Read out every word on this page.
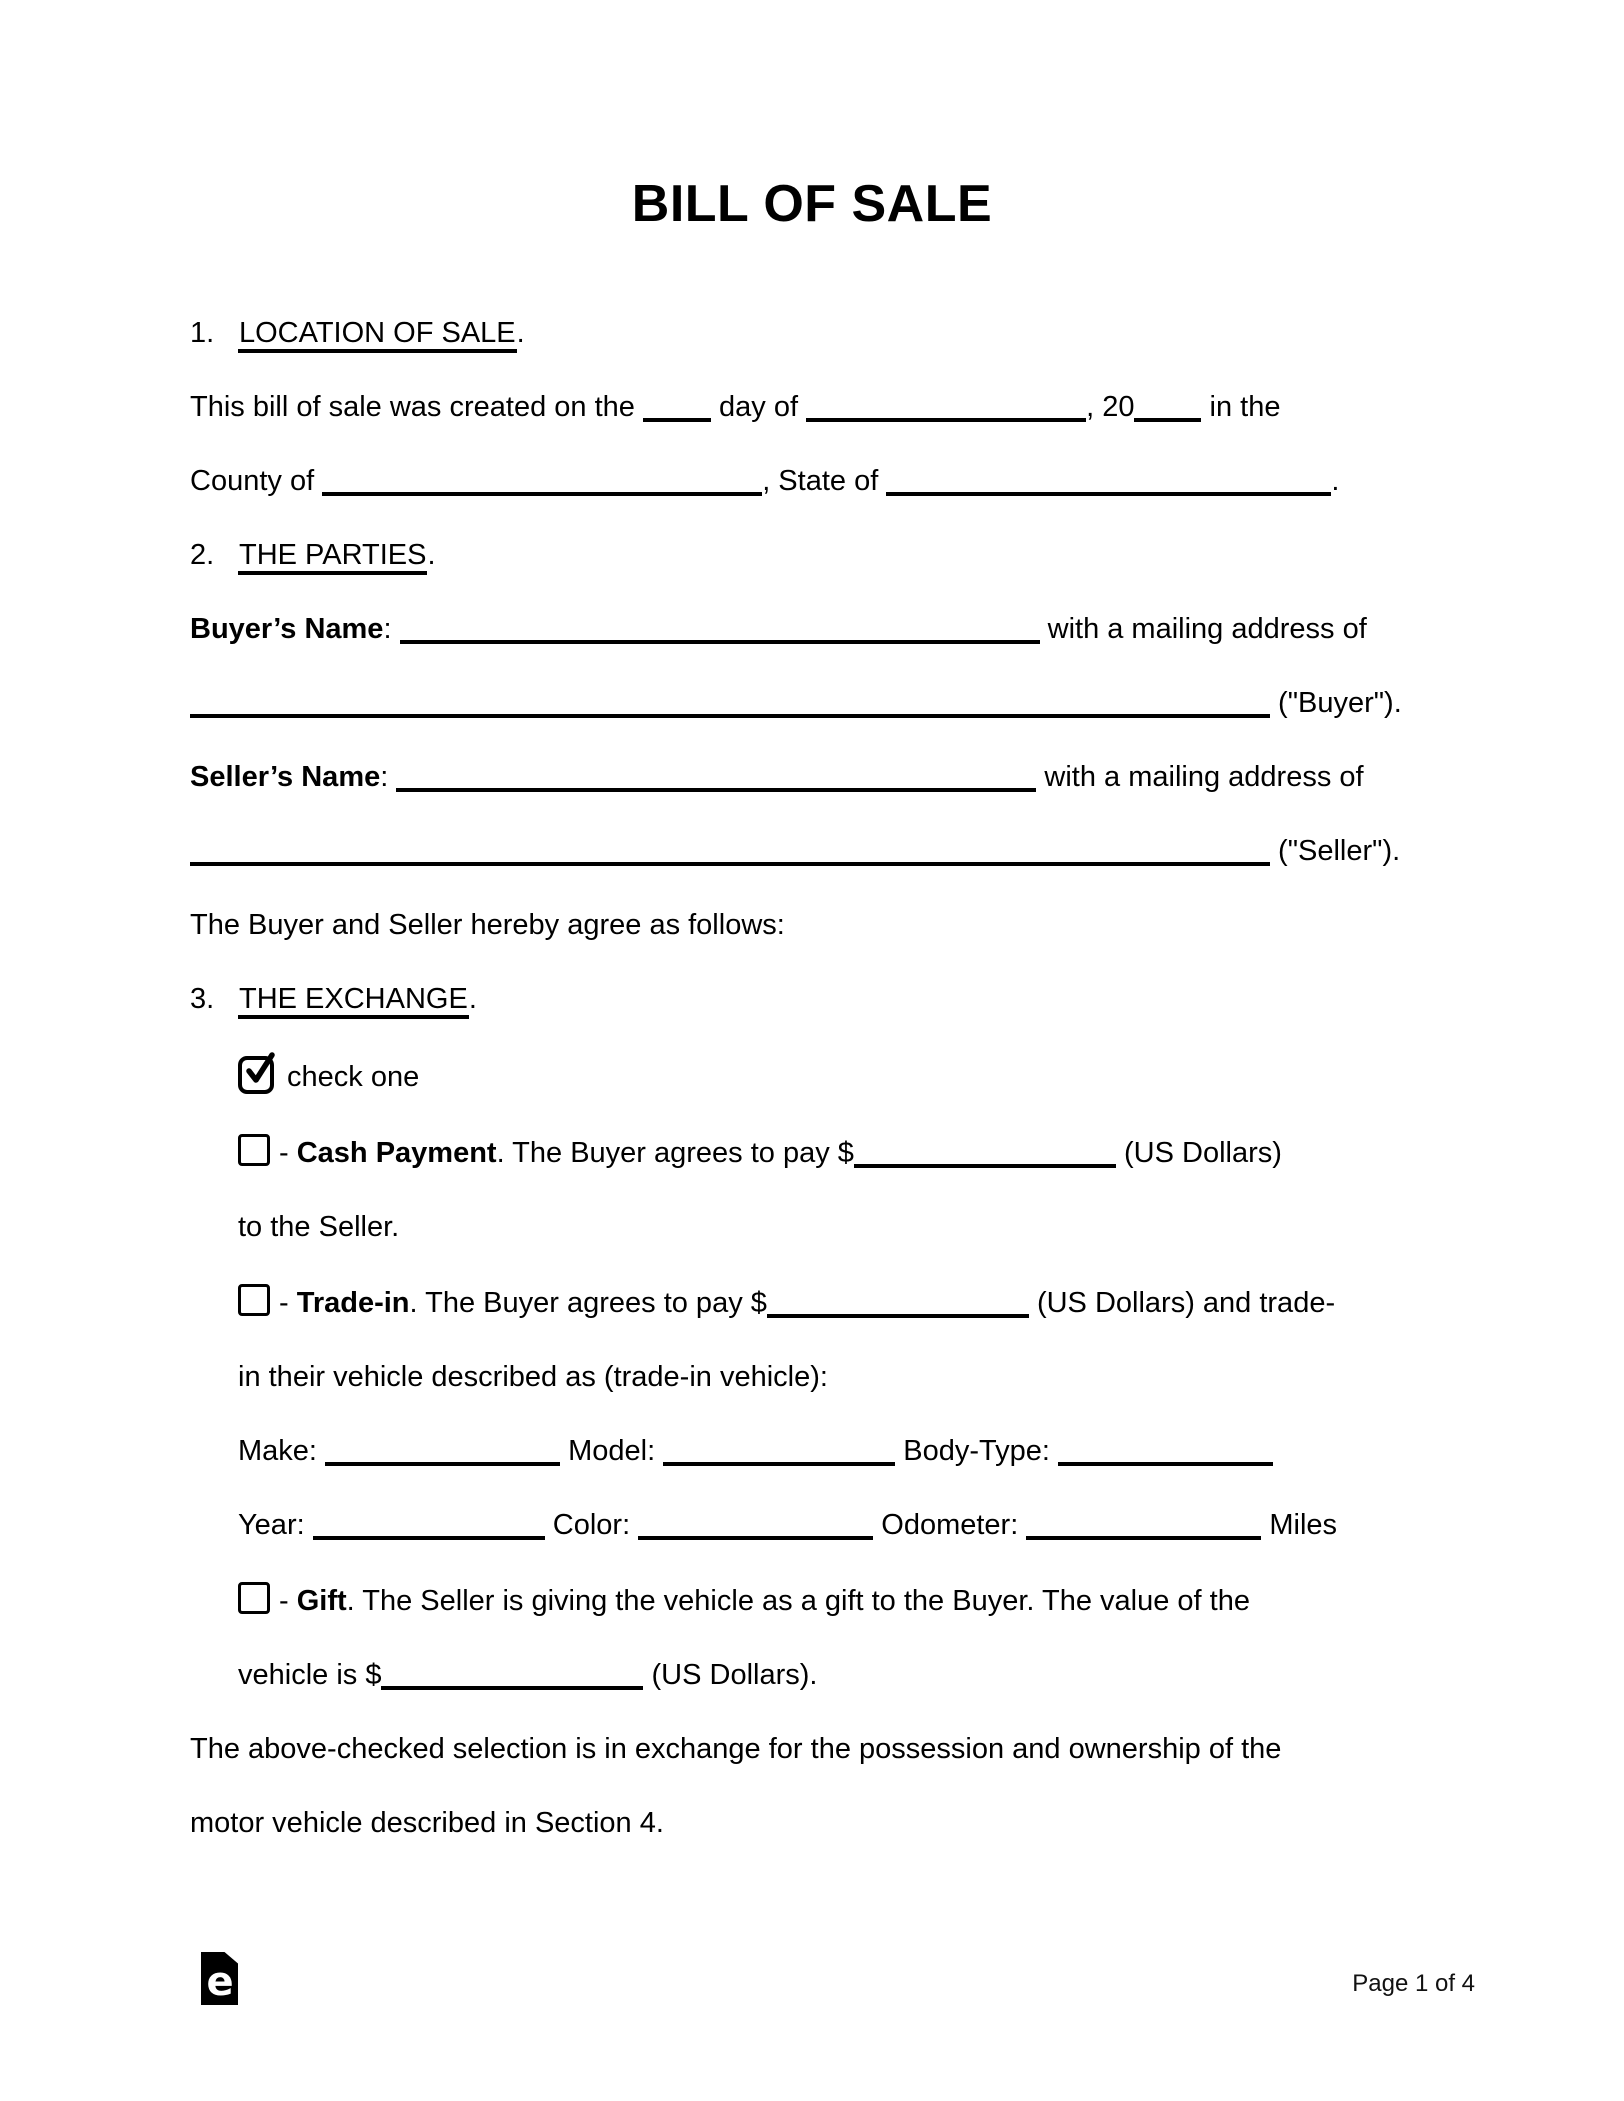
BILL OF SALE
1. LOCATION OF SALE.
This bill of sale was created on the  day of	, 20 in the
County of	, State of	.
2. THE PARTIES.
Buyer’s Name:	with a mailing address of
("Buyer").
Seller’s Name:	with a mailing address of
("Seller").
The Buyer and Seller hereby agree as follows:
3. THE EXCHANGE.
check one
- Cash Payment. The Buyer agrees to pay $	(US Dollars)
to the Seller.
- Trade-in. The Buyer agrees to pay $	(US Dollars) and trade-
in their vehicle described as (trade-in vehicle):
Make:	Model:	Body-Type:
Year:	Color:	Odometer:	Miles
- Gift. The Seller is giving the vehicle as a gift to the Buyer. The value of the
vehicle is $	(US Dollars).
The above-checked selection is in exchange for the possession and ownership of the
motor vehicle described in Section 4.
e	Page 1 of 4
